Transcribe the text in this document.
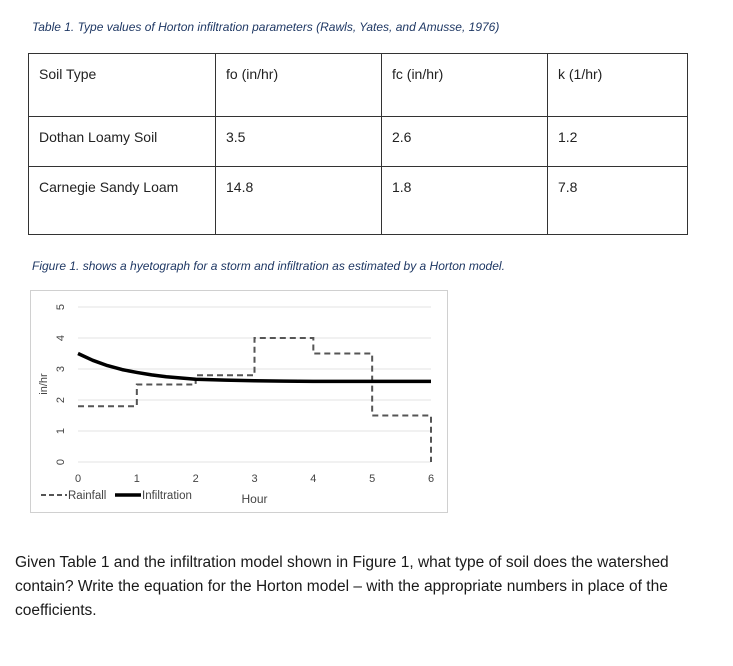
Table 1. Type values of Horton infiltration parameters (Rawls, Yates, and Amusse, 1976)
Soil Type	fo (in/hr)	fc (in/hr)	k (1/hr)
Dothan Loamy Soil	3.5	2.6	1.2
Carnegie Sandy Loam	14.8	1.8	7.8
Figure 1. shows a hyetograph for a storm and infiltration as estimated by a Horton model.
0
1
2
3
4
5
0	1	2	3	4	5	6
in/hr
Hour
Rainfall	Infiltration
Given Table 1 and the infiltration model shown in Figure 1, what type of soil does the watershed contain? Write the equation for the Horton model – with the appropriate numbers in place of the coefficients.
